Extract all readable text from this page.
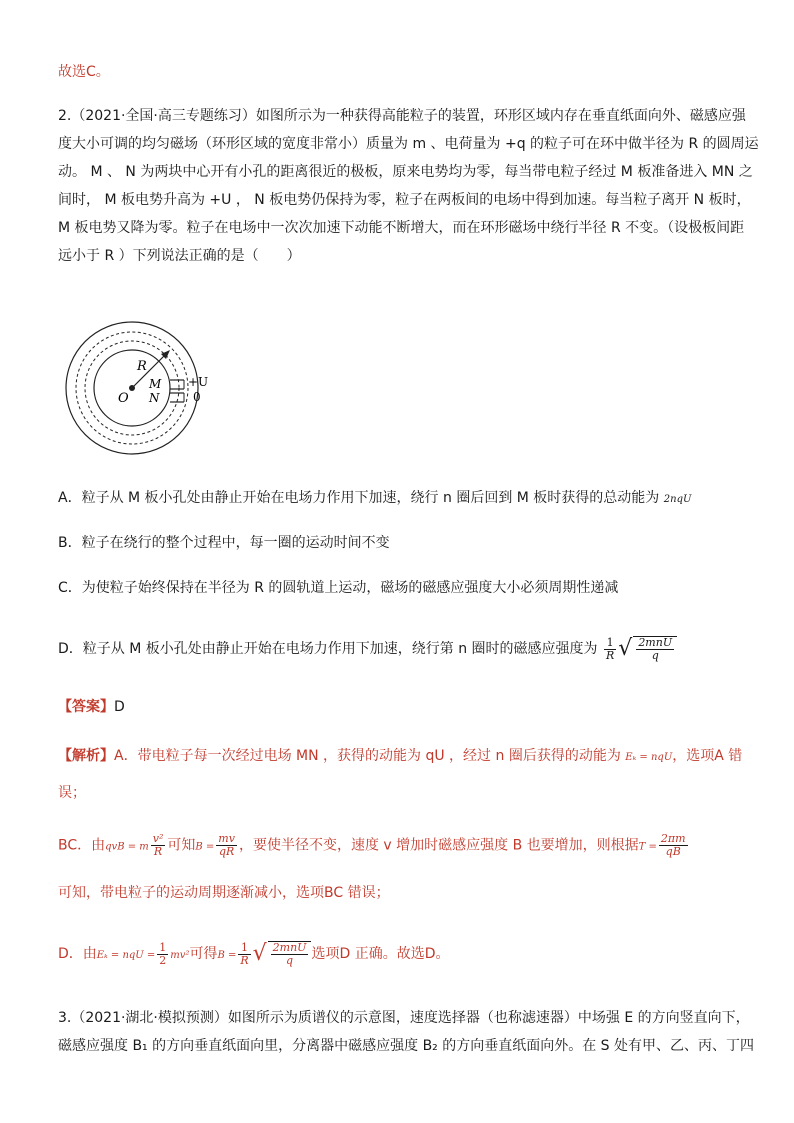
故选C。
2.（2021·全国·高三专题练习）如图所示为一种获得高能粒子的装置，环形区域内存在垂直纸面向外、磁感应强
度大小可调的均匀磁场（环形区域的宽度非常小）质量为 m 、电荷量为 +q 的粒子可在环中做半径为 R 的圆周运
动。 M 、 N 为两块中心开有小孔的距离很近的极板，原来电势均为零，每当带电粒子经过 M 板准备进入 MN 之
间时， M 板电势升高为 +U ， N 板电势仍保持为零，粒子在两板间的电场中得到加速。每当粒子离开 N 板时，
M 板电势又降为零。粒子在电场中一次次加速下动能不断增大，而在环形磁场中绕行半径 R 不变。（设极板间距
远小于 R ）下列说法正确的是（　　）
R
M
N
O
+U
0
A．粒子从 M 板小孔处由静止开始在电场力作用下加速，绕行 n 圈后回到 M 板时获得的总动能为 2nqU
B．粒子在绕行的整个过程中，每一圈的运动时间不变
C．为使粒子始终保持在半径为 R 的圆轨道上运动，磁场的磁感应强度大小必须周期性递减
D．粒子从 M 板小孔处由静止开始在电场力作用下加速，绕行第 n 圈时的磁感应强度为 $\frac{1}{R}$ √ $\frac{\text{2mnU}}{q}$
【答案】D
【解析】A．带电粒子每一次经过电场 MN ，获得的动能为 qU ，经过 n 圈后获得的动能为 Eₖ = nqU，选项A 错
误；
BC．由qvB = m $\frac{\text{v²}}{R}$ 可知$B = \frac{mv}{qR}$ ，要使半径不变，速度 v 增加时磁感应强度 B 也要增加，则根据$T = \frac{2\pi m}{qB}$
可知，带电粒子的运动周期逐渐减小，选项BC 错误；
D．由Eₖ = nqU = $\frac{1}{2} mv^2$可得$B = \frac{1}{R}$ √ $\frac{\text{2mnU}}{q}$ 选项D 正确。故选D。
3.（2021·湖北·模拟预测）如图所示为质谱仪的示意图，速度选择器（也称滤速器）中场强 E 的方向竖直向下，
磁感应强度 B₁ 的方向垂直纸面向里，分离器中磁感应强度 B₂ 的方向垂直纸面向外。在 S 处有甲、乙、丙、丁四
